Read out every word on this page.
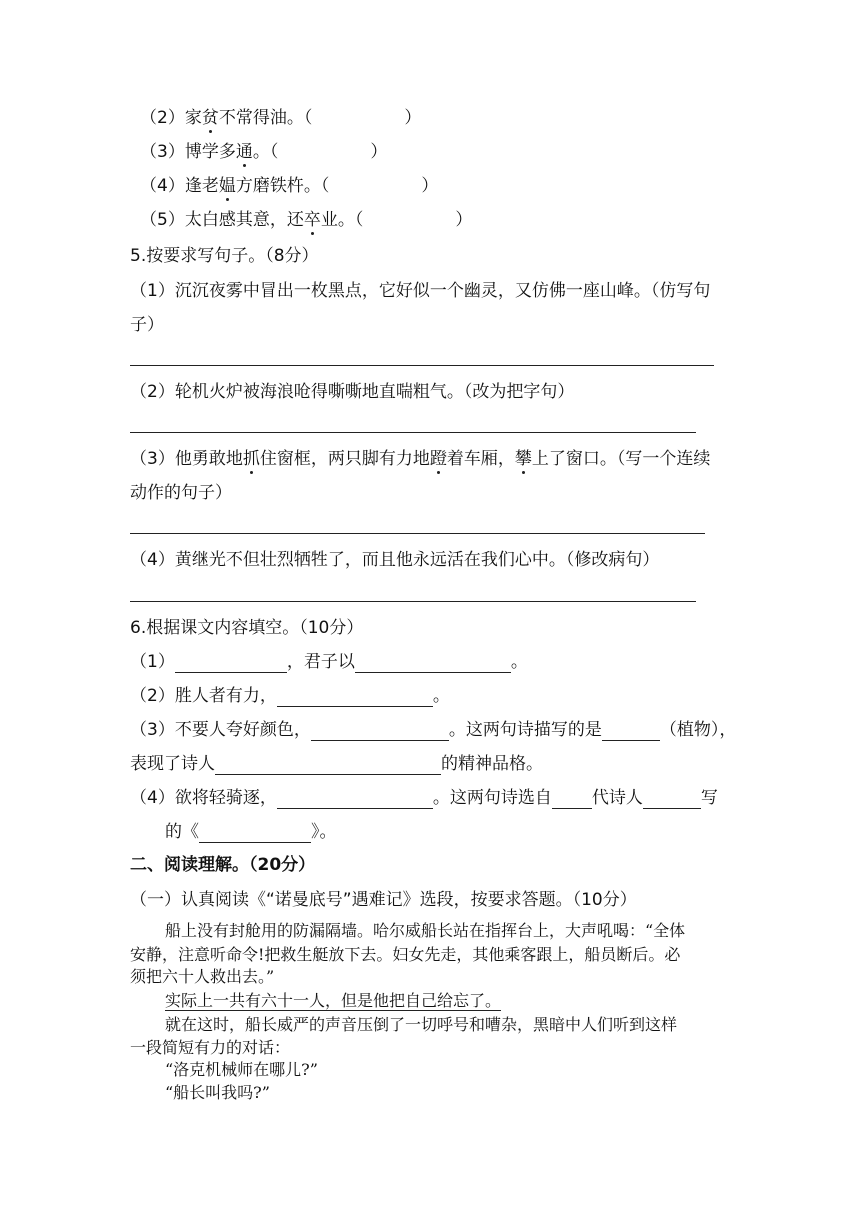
（2）家贫不常得油。（	）
（3）博学多通。（	）
（4）逢老媪方磨铁杵。（	）
（5）太白感其意，还卒业。（	）
5.按要求写句子。（8分）
（1）沉沉夜雾中冒出一枚黑点，它好似一个幽灵，又仿佛一座山峰。（仿写句
子）
（2）轮机火炉被海浪呛得嘶嘶地直喘粗气。（改为把字句）
（3）他勇敢地抓住窗框，两只脚有力地蹬着车厢，攀上了窗口。（写一个连续
动作的句子）
（4）黄继光不但壮烈牺牲了，而且他永远活在我们心中。（修改病句）
6.根据课文内容填空。（10分）
（1）	，君子以	。
（2）胜人者有力，	。
（3）不要人夸好颜色，	。这两句诗描写的是	（植物），
表现了诗人	的精神品格。
（4）欲将轻骑逐，	。这两句诗选自 代诗人	写
的《	》。
二、阅读理解。（20分）
（一）认真阅读《“诺曼底号”遇难记》选段，按要求答题。（10分）
船上没有封舱用的防漏隔墙。哈尔威船长站在指挥台上，大声吼喝：“全体
安静，注意听命令!把救生艇放下去。妇女先走，其他乘客跟上，船员断后。必
须把六十人救出去。”
实际上一共有六十一人，但是他把自己给忘了。
就在这时，船长威严的声音压倒了一切呼号和嘈杂，黑暗中人们听到这样
一段简短有力的对话：
“洛克机械师在哪儿?”
“船长叫我吗?”
